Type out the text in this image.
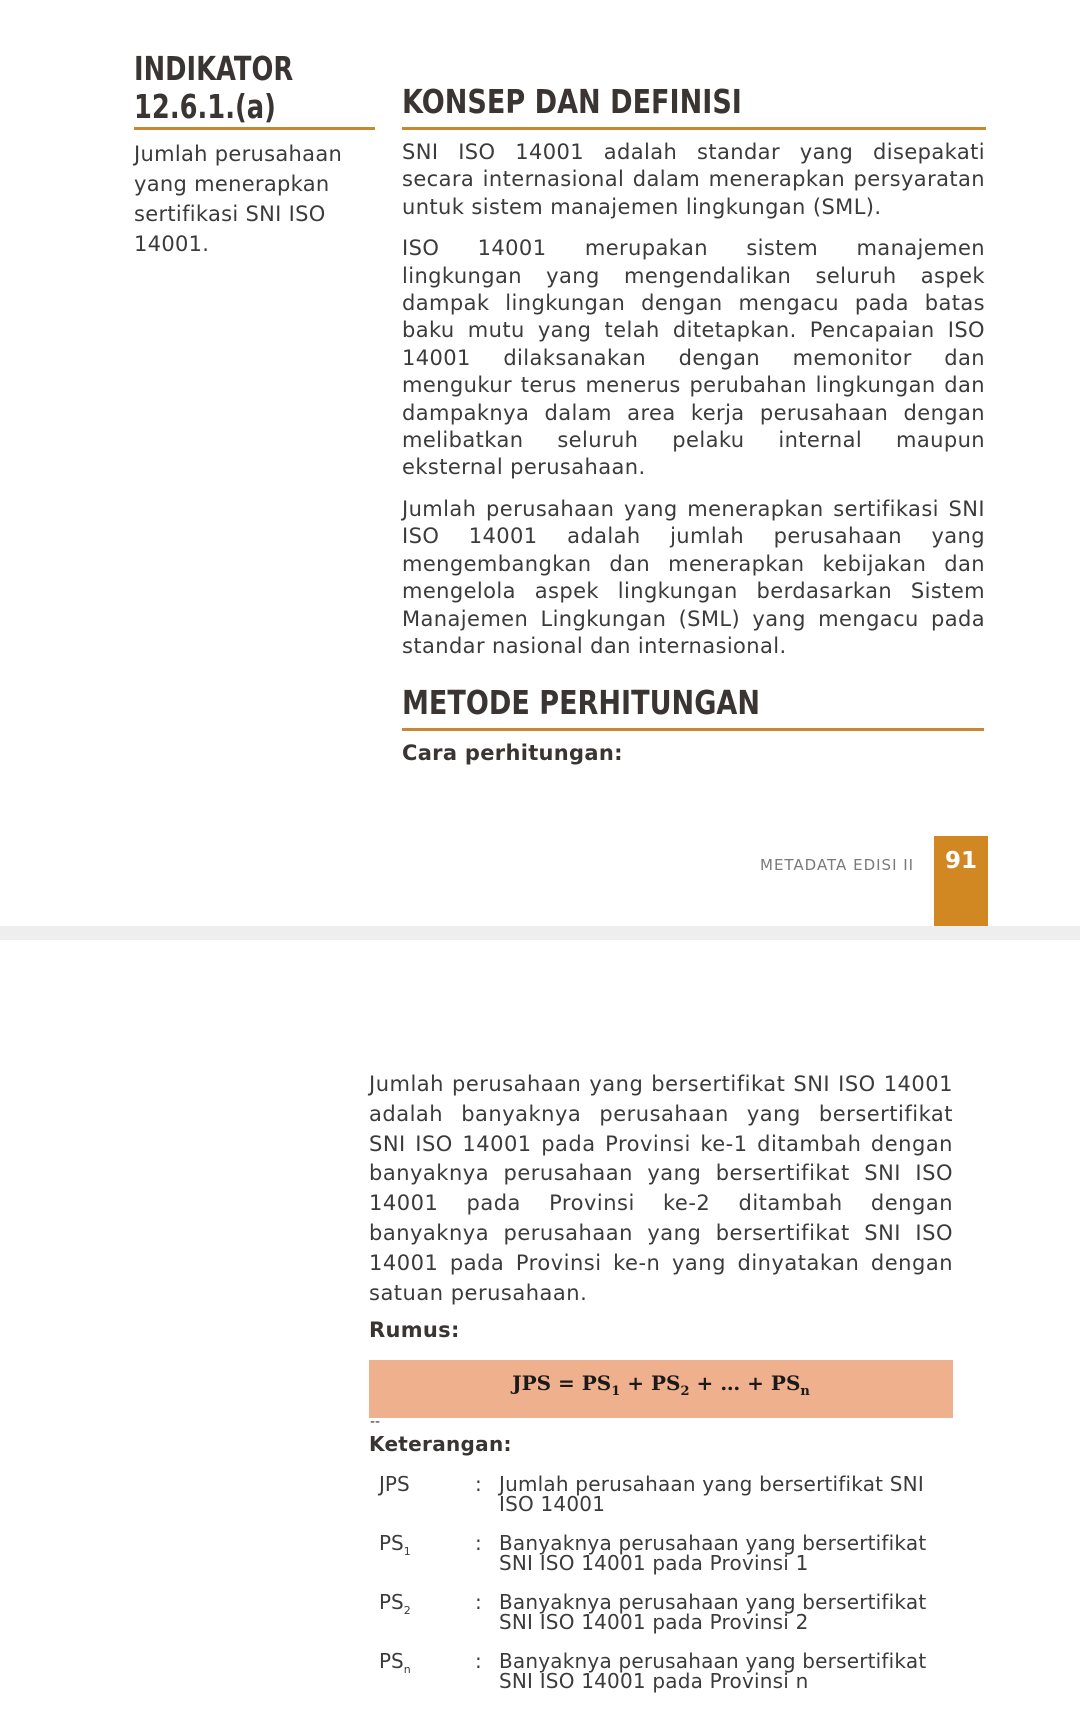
INDIKATOR
12.6.1.(a)
Jumlah perusahaan yang menerapkan sertifikasi SNI ISO 14001.
KONSEP DAN DEFINISI

SNI ISO 14001 adalah standar yang disepakati secara internasional dalam menerapkan persyaratan untuk sistem manajemen lingkungan (SML).

ISO 14001 merupakan sistem manajemen lingkungan yang mengendalikan seluruh aspek dampak lingkungan dengan mengacu pada batas baku mutu yang telah ditetapkan. Pencapaian ISO 14001 dilaksanakan dengan memonitor dan mengukur terus menerus perubahan lingkungan dan dampaknya dalam area kerja perusahaan dengan melibatkan seluruh pelaku internal maupun eksternal perusahaan.

Jumlah perusahaan yang menerapkan sertifikasi SNI ISO 14001 adalah jumlah perusahaan yang mengembangkan dan menerapkan kebijakan dan mengelola aspek lingkungan berdasarkan Sistem Manajemen Lingkungan (SML) yang mengacu pada standar nasional dan internasional.

METODE PERHITUNGAN
Cara perhitungan:
METADATA EDISI II	91
Jumlah perusahaan yang bersertifikat SNI ISO 14001 adalah banyaknya perusahaan yang bersertifikat SNI ISO 14001 pada Provinsi ke-1 ditambah dengan banyaknya perusahaan yang bersertifikat SNI ISO 14001 pada Provinsi ke-2 ditambah dengan banyaknya perusahaan yang bersertifikat SNI ISO 14001 pada Provinsi ke-n yang dinyatakan dengan satuan perusahaan.
Rumus:
JPS = $PS_1 + PS_2$ + … + $PS_n$
--
Keterangan:
JPS	: Jumlah perusahaan yang bersertifikat SNI ISO 14001
$PS_1$	: Banyaknya perusahaan yang bersertifikat SNI ISO 14001 pada Provinsi 1
$PS_2$	: Banyaknya perusahaan yang bersertifikat SNI ISO 14001 pada Provinsi 2
$PS_n$	: Banyaknya perusahaan yang bersertifikat SNI ISO 14001 pada Provinsi n
